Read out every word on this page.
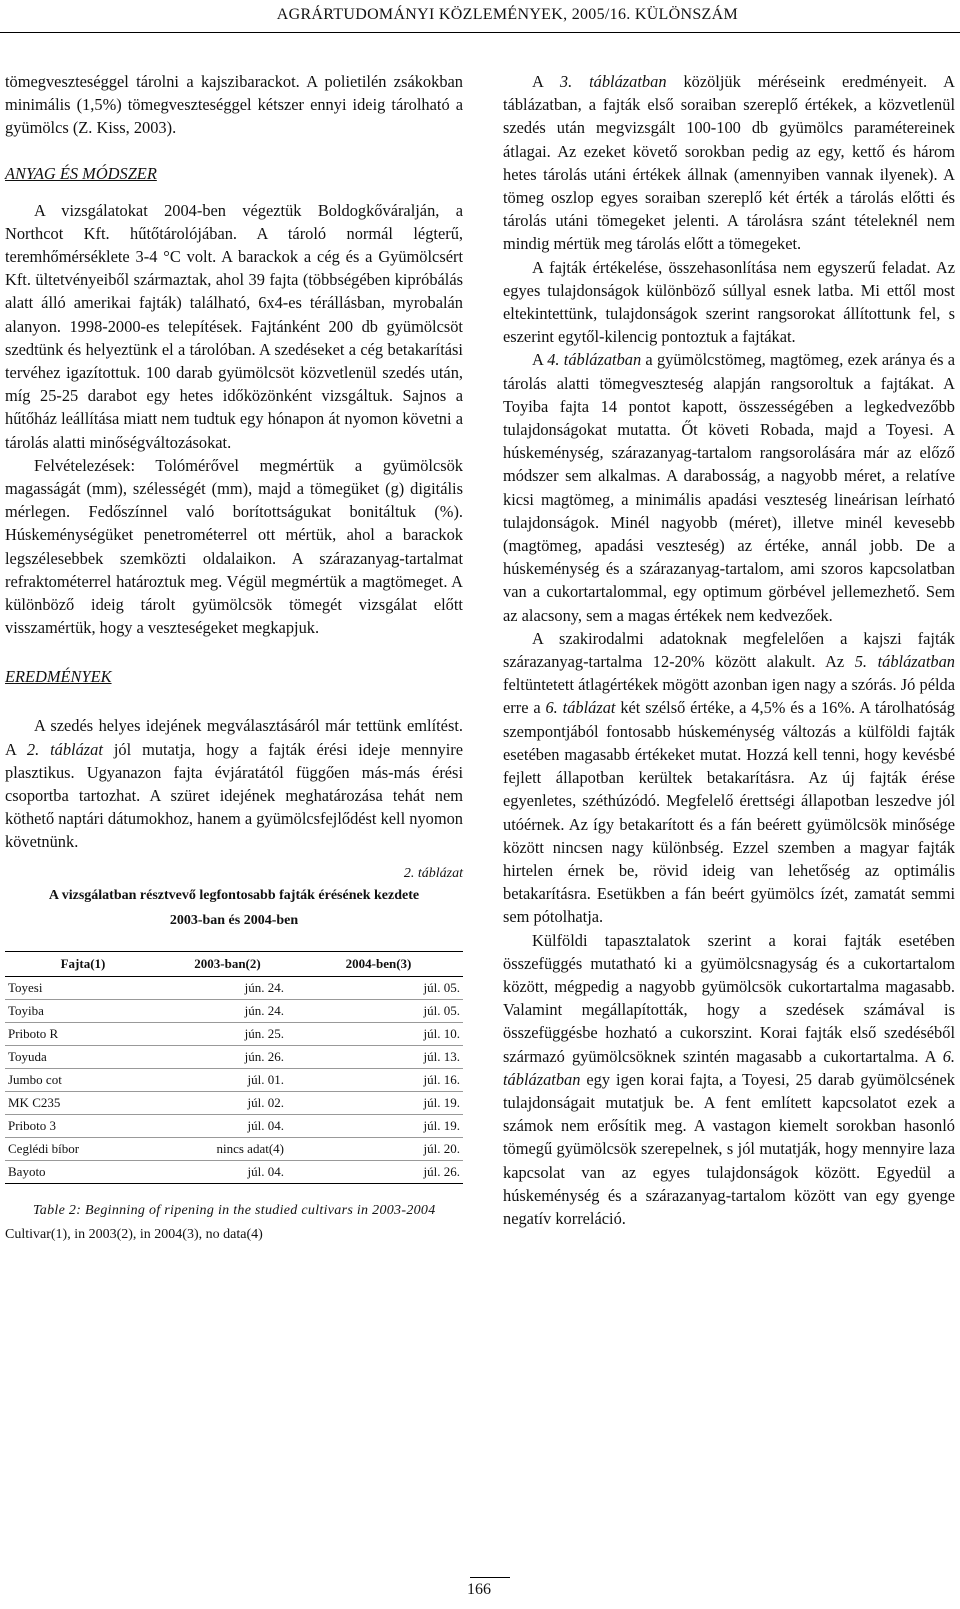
AGRÁRTUDOMÁNYI KÖZLEMÉNYEK, 2005/16. KÜLÖNSZÁM

tömegveszteséggel tárolni a kajszibarackot. A polietilén zsákokban minimális (1,5%) tömegveszteséggel kétszer ennyi ideig tárolható a gyümölcs (Z. Kiss, 2003).

ANYAG ÉS MÓDSZER

A vizsgálatokat 2004-ben végeztük Boldogkőváralján, a Northcot Kft. hűtőtárolójában. A tároló normál légterű, teremhőmérséklete 3-4 °C volt. A barackok a cég és a Gyümölcsért Kft. ültetvényeiből származtak, ahol 39 fajta (többségében kipróbálás alatt álló amerikai fajták) található, 6x4-es térállásban, myrobalán alanyon. 1998-2000-es telepítések. Fajtánként 200 db gyümölcsöt szedtünk és helyeztünk el a tárolóban. A szedéseket a cég betakarítási tervéhez igazítottuk. 100 darab gyümölcsöt közvetlenül szedés után, míg 25-25 darabot egy hetes időközönként vizsgáltuk. Sajnos a hűtőház leállítása miatt nem tudtuk egy hónapon át nyomon követni a tárolás alatti minőségváltozásokat.

Felvételezések: Tolómérővel megmértük a gyümölcsök magasságát (mm), szélességét (mm), majd a tömegüket (g) digitális mérlegen. Fedőszínnel való borítottságukat bonitáltuk (%). Húskeménységüket penetrométerrel ott mértük, ahol a barackok legszélesebbek szemközti oldalaikon. A szárazanyag-tartalmat refraktométerrel határoztuk meg. Végül megmértük a magtömeget. A különböző ideig tárolt gyümölcsök tömegét vizsgálat előtt visszamértük, hogy a veszteségeket megkapjuk.

EREDMÉNYEK

A szedés helyes idejének megválasztásáról már tettünk említést. A 2. táblázat jól mutatja, hogy a fajták érési ideje mennyire plasztikus. Ugyanazon fajta évjáratától függően más-más érési csoportba tartozhat. A szüret idejének meghatározása tehát nem köthető naptári dátumokhoz, hanem a gyümölcsfejlődést kell nyomon követnünk.

2. táblázat
A vizsgálatban résztvevő legfontosabb fajták érésének kezdete
2003-ban és 2004-ben
Fajta(1)	2003-ban(2)	2004-ben(3)
Toyesi	jún. 24.	júl. 05.
Toyiba	jún. 24.	júl. 05.
Priboto R	jún. 25.	júl. 10.
Toyuda	jún. 26.	júl. 13.
Jumbo cot	júl. 01.	júl. 16.
MK C235	júl. 02.	júl. 19.
Priboto 3	júl. 04.	júl. 19.
Ceglédi bíbor	nincs adat(4)	júl. 20.
Bayoto	júl. 04.	júl. 26.
Table 2: Beginning of ripening in the studied cultivars in 2003-2004
Cultivar(1), in 2003(2), in 2004(3), no data(4)

A 3. táblázatban közöljük méréseink eredményeit. A táblázatban, a fajták első soraiban szereplő értékek, a közvetlenül szedés után megvizsgált 100-100 db gyümölcs paramétereinek átlagai. Az ezeket követő sorokban pedig az egy, kettő és három hetes tárolás utáni értékek állnak (amennyiben vannak ilyenek). A tömeg oszlop egyes soraiban szereplő két érték a tárolás előtti és tárolás utáni tömegeket jelenti. A tárolásra szánt tételeknél nem mindig mértük meg tárolás előtt a tömegeket.

A fajták értékelése, összehasonlítása nem egyszerű feladat. Az egyes tulajdonságok különböző súllyal esnek latba. Mi ettől most eltekintettünk, tulajdonságok szerint rangsorokat állítottunk fel, s eszerint egytől-kilencig pontoztuk a fajtákat.

A 4. táblázatban a gyümölcstömeg, magtömeg, ezek aránya és a tárolás alatti tömegveszteség alapján rangsoroltuk a fajtákat. A Toyiba fajta 14 pontot kapott, összességében a legkedvezőbb tulajdonságokat mutatta. Őt követi Robada, majd a Toyesi. A húskeménység, szárazanyag-tartalom rangsorolására már az előző módszer sem alkalmas. A darabosság, a nagyobb méret, a relatíve kicsi magtömeg, a minimális apadási veszteség lineárisan leírható tulajdonságok. Minél nagyobb (méret), illetve minél kevesebb (magtömeg, apadási veszteség) az értéke, annál jobb. De a húskeménység és a szárazanyag-tartalom, ami szoros kapcsolatban van a cukortartalommal, egy optimum görbével jellemezhető. Sem az alacsony, sem a magas értékek nem kedvezőek.

A szakirodalmi adatoknak megfelelően a kajszi fajták szárazanyag-tartalma 12-20% között alakult. Az 5. táblázatban feltüntetett átlagértékek mögött azonban igen nagy a szórás. Jó példa erre a 6. táblázat két szélső értéke, a 4,5% és a 16%. A tárolhatóság szempontjából fontosabb húskeménység változás a külföldi fajták esetében magasabb értékeket mutat. Hozzá kell tenni, hogy kevésbé fejlett állapotban kerültek betakarításra. Az új fajták érése egyenletes, széthúzódó. Megfelelő érettségi állapotban leszedve jól utóérnek. Az így betakarított és a fán beérett gyümölcsök minősége között nincsen nagy különbség. Ezzel szemben a magyar fajták hirtelen érnek be, rövid ideig van lehetőség az optimális betakarításra. Esetükben a fán beért gyümölcs ízét, zamatát semmi sem pótolhatja.

Külföldi tapasztalatok szerint a korai fajták esetében összefüggés mutatható ki a gyümölcsnagyság és a cukortartalom között, mégpedig a nagyobb gyümölcsök cukortartalma magasabb. Valamint megállapították, hogy a szedések számával is összefüggésbe hozható a cukorszint. Korai fajták első szedéséből származó gyümölcsöknek szintén magasabb a cukortartalma. A 6. táblázatban egy igen korai fajta, a Toyesi, 25 darab gyümölcsének tulajdonságait mutatjuk be. A fent említett kapcsolatot ezek a számok nem erősítik meg. A vastagon kiemelt sorokban hasonló tömegű gyümölcsök szerepelnek, s jól mutatják, hogy mennyire laza kapcsolat van az egyes tulajdonságok között. Egyedül a húskeménység és a szárazanyag-tartalom között van egy gyenge negatív korreláció.

166
